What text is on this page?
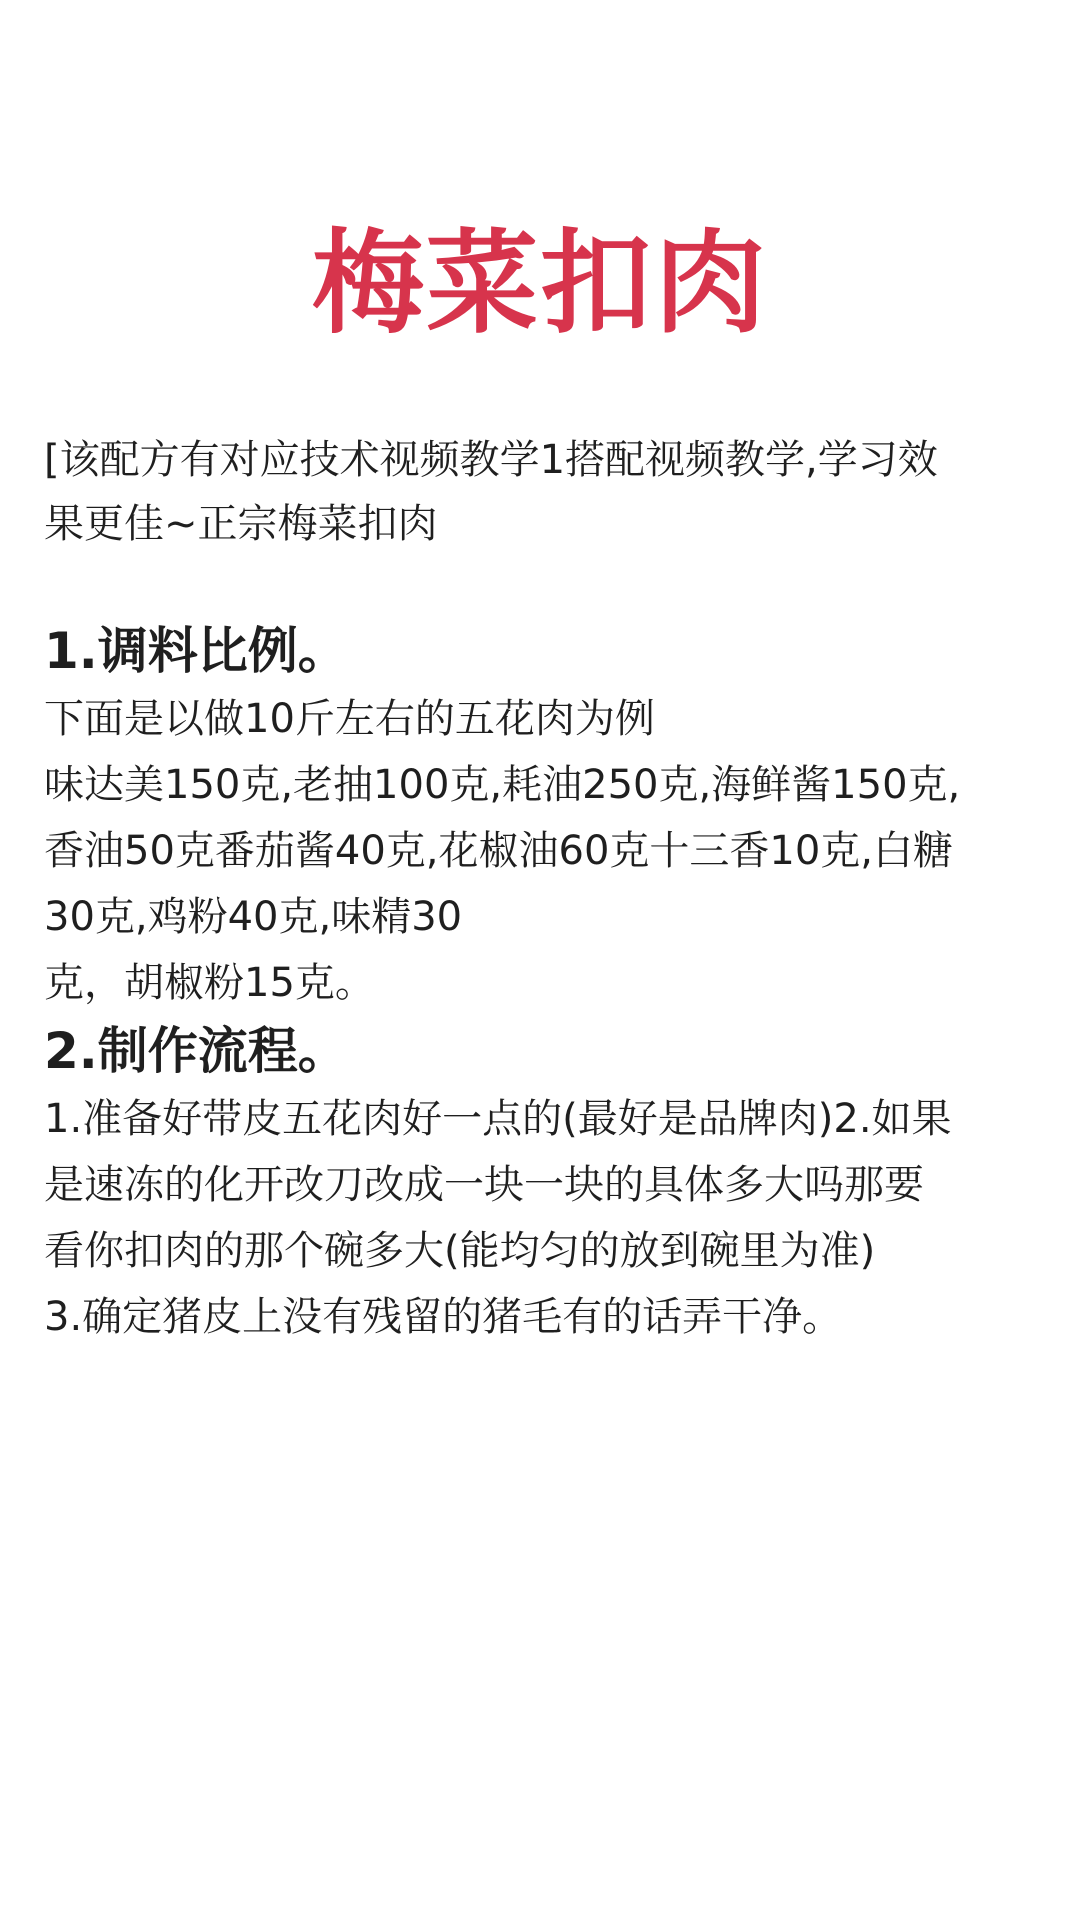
梅菜扣肉

[该配方有对应技术视频教学1搭配视频教学,学习效
果更佳~正宗梅菜扣肉

1.调料比例。
下面是以做10斤左右的五花肉为例
味达美150克,老抽100克,耗油250克,海鲜酱150克,
香油50克番茄酱40克,花椒油60克十三香10克,白糖
30克,鸡粉40克,味精30
克，胡椒粉15克。
2.制作流程。
1.准备好带皮五花肉好一点的(最好是品牌肉)2.如果
是速冻的化开改刀改成一块一块的具体多大吗那要
看你扣肉的那个碗多大(能均匀的放到碗里为准)
3.确定猪皮上没有残留的猪毛有的话弄干净。
